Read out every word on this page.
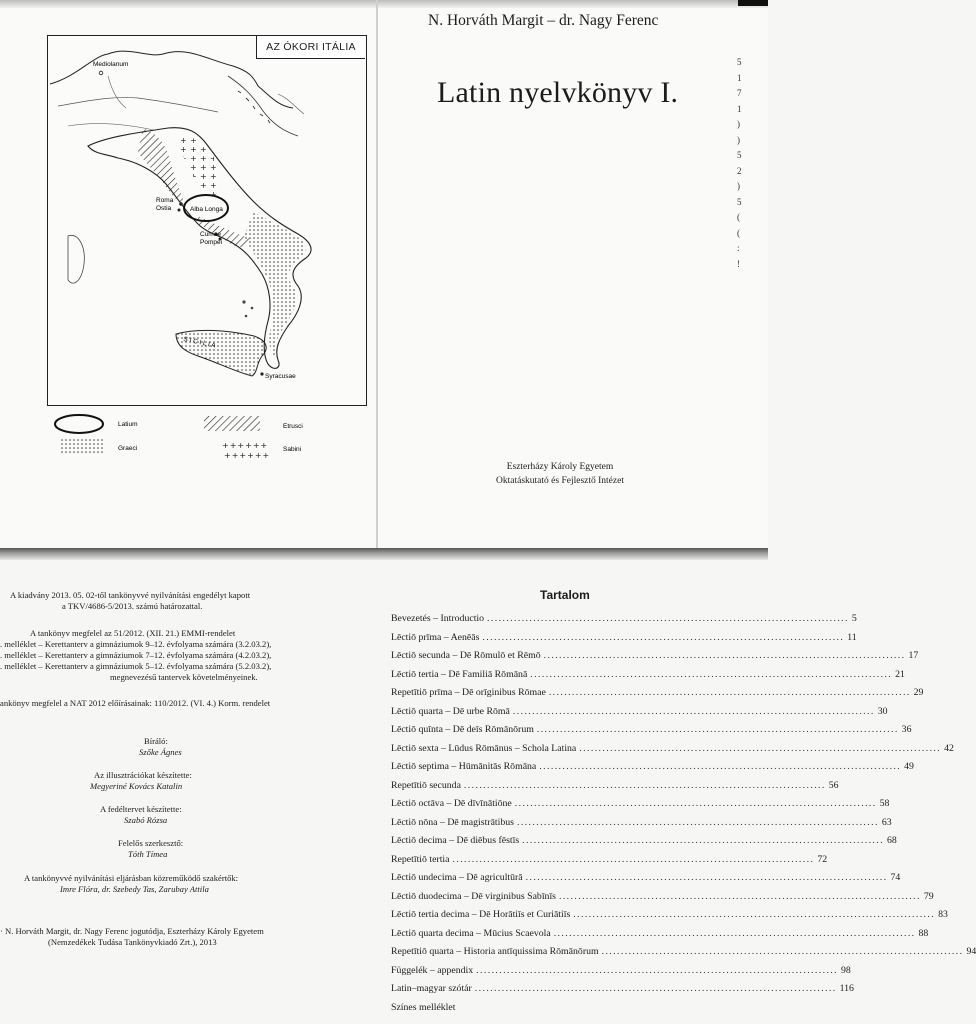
Mediolanum
Roma
Ostia	Alba Longa
Cumae
Pompei
S I C I L I A
Syracusae
AZ ÓKORI ITÁLIA
Latium	Etrusci
Graeci	++++++
++++++
Sabini
N. Horváth Margit – dr. Nagy Ferenc
Latin nyelvkönyv I.
Eszterházy Károly Egyetem
Oktatáskutató és Fejlesztő Intézet
5
1
7
1
)
)
5
2
)
5
(
(
:
!
A kiadvány 2013. 05. 02-től tankönyvvé nyilvánítási engedélyt kapott
a TKV/4686-5/2013. számú határozattal.
A tankönyv megfelel az 51/2012. (XII. 21.) EMMI-rendelet
. melléklet – Kerettanterv a gimnáziumok 9–12. évfolyama számára (3.2.03.2),
. melléklet – Kerettanterv a gimnáziumok 7–12. évfolyama számára (4.2.03.2),
. melléklet – Kerettanterv a gimnáziumok 5–12. évfolyama számára (5.2.03.2),
megnevezésű tantervek követelményeinek.
ankönyv megfelel a NAT 2012 előírásainak: 110/2012. (VI. 4.) Korm. rendelet
Bíráló:
Szőke Ágnes
Az illusztrációkat készítette:
Megyeriné Kovács Katalin
A fedéltervet készítette:
Szabó Rózsa
Felelős szerkesztő:
Tóth Tímea
A tankönyvvé nyilvánítási eljárásban közreműködő szakértők:
Imre Flóra, dr. Szebedy Tas, Zarubay Attila
· N. Horváth Margit, dr. Nagy Ferenc jogutódja, Eszterházy Károly Egyetem
(Nemzedékek Tudása Tankönyvkiadó Zrt.), 2013
Tartalom
Bevezetés – Introductio .............................................................................................. 5
Lēctiō prīma – Aenēās .............................................................................................. 11
Lēctiō secunda – Dē Rōmulō et Rēmō .............................................................................................. 17
Lēctiō tertia – Dē Familiā Rōmānā .............................................................................................. 21
Repetītiō prīma – Dē orīginibus Rōmae .............................................................................................. 29
Lēctiō quarta – Dē urbe Rōmā .............................................................................................. 30
Lēctiō quīnta – Dē deīs Rōmānōrum .............................................................................................. 36
Lēctiō sexta – Lūdus Rōmānus – Schola Latina .............................................................................................. 42
Lēctiō septima – Hūmānitās Rōmāna .............................................................................................. 49
Repetītiō secunda .............................................................................................. 56
Lēctiō octāva – Dē dīvīnātiōne .............................................................................................. 58
Lēctiō nōna – Dē magistrātibus .............................................................................................. 63
Lēctiō decima – Dē diēbus fēstīs .............................................................................................. 68
Repetītiō tertia .............................................................................................. 72
Lēctiō undecima – Dē agricultūrā .............................................................................................. 74
Lēctiō duodecima – Dē virginibus Sabīnīs .............................................................................................. 79
Lēctiō tertia decima – Dē Horātiīs et Curiātiīs .............................................................................................. 83
Lēctiō quarta decima – Mūcius Scaevola .............................................................................................. 88
Repetītiō quarta – Historia antīquissima Rōmānōrum .............................................................................................. 94
Függelék – appendix .............................................................................................. 98
Latin–magyar szótár .............................................................................................. 116
Színes melléklet
